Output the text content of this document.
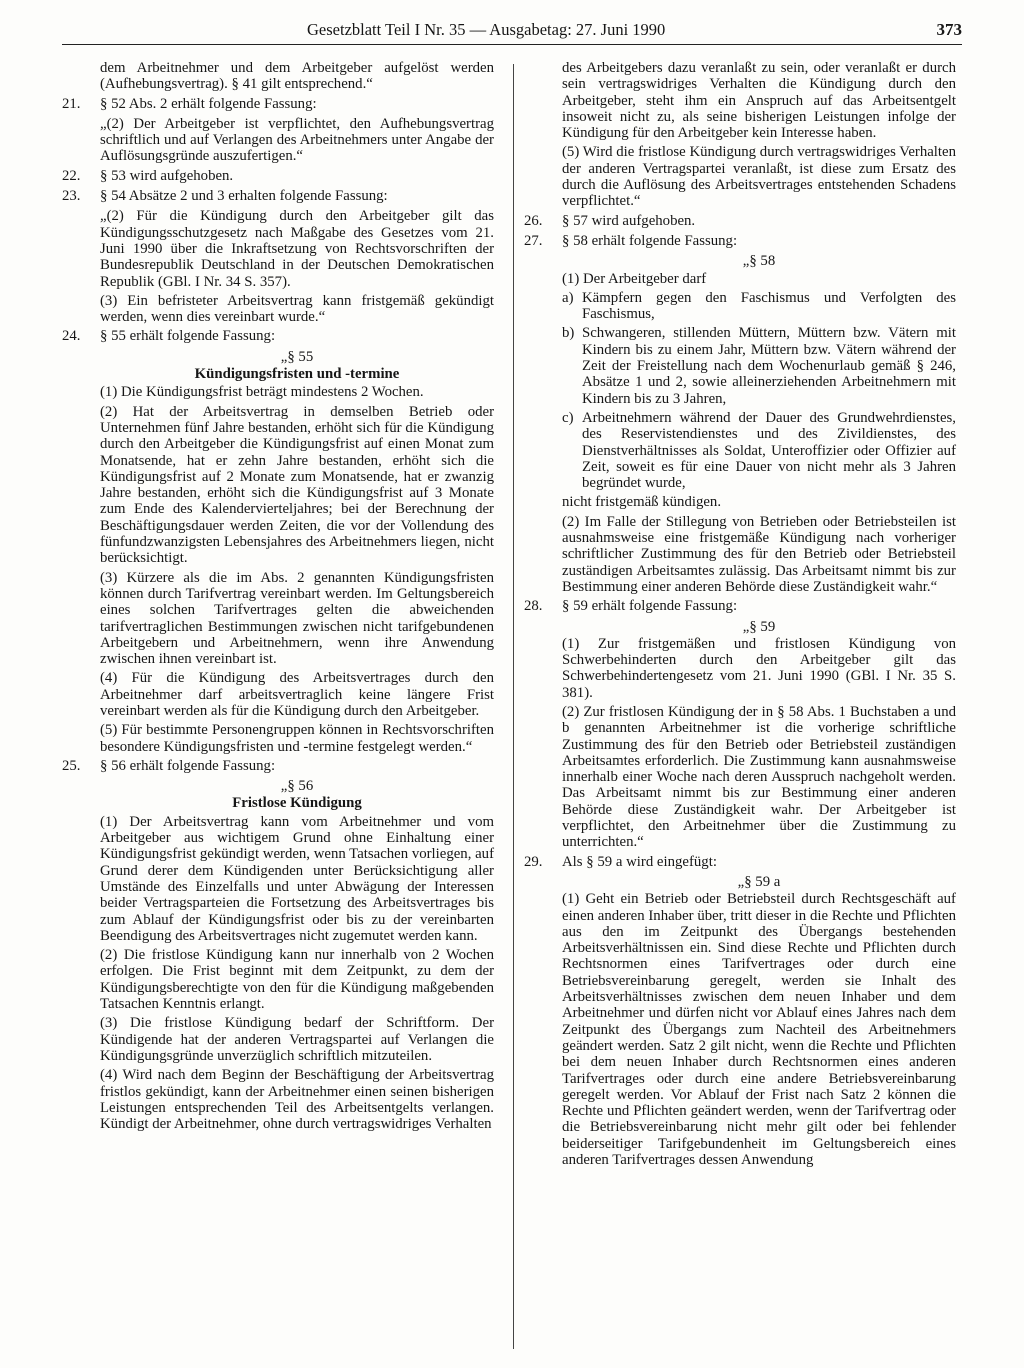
Gesetzblatt Teil I Nr. 35 — Ausgabetag: 27. Juni 1990	373
dem Arbeitnehmer und dem Arbeitgeber aufgelöst werden (Aufhebungsvertrag). § 41 gilt entsprechend.“
21. § 52 Abs. 2 erhält folgende Fassung:
„(2) Der Arbeitgeber ist verpflichtet, den Aufhebungsvertrag schriftlich und auf Verlangen des Arbeitnehmers unter Angabe der Auflösungsgründe auszufertigen.“
22. § 53 wird aufgehoben.
23. § 54 Absätze 2 und 3 erhalten folgende Fassung:
„(2) Für die Kündigung durch den Arbeitgeber gilt das Kündigungsschutzgesetz nach Maßgabe des Gesetzes vom 21. Juni 1990 über die Inkraftsetzung von Rechtsvorschriften der Bundesrepublik Deutschland in der Deutschen Demokratischen Republik (GBl. I Nr. 34 S. 357).
(3) Ein befristeter Arbeitsvertrag kann fristgemäß gekündigt werden, wenn dies vereinbart wurde.“
24. § 55 erhält folgende Fassung:
„§ 55
Kündigungsfristen und -termine
(1) Die Kündigungsfrist beträgt mindestens 2 Wochen.
(2) Hat der Arbeitsvertrag in demselben Betrieb oder Unternehmen fünf Jahre bestanden, erhöht sich für die Kündigung durch den Arbeitgeber die Kündigungsfrist auf einen Monat zum Monatsende, hat er zehn Jahre bestanden, erhöht sich die Kündigungsfrist auf 2 Monate zum Monatsende, hat er zwanzig Jahre bestanden, erhöht sich die Kündigungsfrist auf 3 Monate zum Ende des Kalendervierteljahres; bei der Berechnung der Beschäftigungsdauer werden Zeiten, die vor der Vollendung des fünfundzwanzigsten Lebensjahres des Arbeitnehmers liegen, nicht berücksichtigt.
(3) Kürzere als die im Abs. 2 genannten Kündigungsfristen können durch Tarifvertrag vereinbart werden. Im Geltungsbereich eines solchen Tarifvertrages gelten die abweichenden tarifvertraglichen Bestimmungen zwischen nicht tarifgebundenen Arbeitgebern und Arbeitnehmern, wenn ihre Anwendung zwischen ihnen vereinbart ist.
(4) Für die Kündigung des Arbeitsvertrages durch den Arbeitnehmer darf arbeitsvertraglich keine längere Frist vereinbart werden als für die Kündigung durch den Arbeitgeber.
(5) Für bestimmte Personengruppen können in Rechtsvorschriften besondere Kündigungsfristen und -termine festgelegt werden.“
25. § 56 erhält folgende Fassung:
„§ 56
Fristlose Kündigung
(1) Der Arbeitsvertrag kann vom Arbeitnehmer und vom Arbeitgeber aus wichtigem Grund ohne Einhaltung einer Kündigungsfrist gekündigt werden, wenn Tatsachen vorliegen, auf Grund derer dem Kündigenden unter Berücksichtigung aller Umstände des Einzelfalls und unter Abwägung der Interessen beider Vertragsparteien die Fortsetzung des Arbeitsvertrages bis zum Ablauf der Kündigungsfrist oder bis zu der vereinbarten Beendigung des Arbeitsvertrages nicht zugemutet werden kann.
(2) Die fristlose Kündigung kann nur innerhalb von 2 Wochen erfolgen. Die Frist beginnt mit dem Zeitpunkt, zu dem der Kündigungsberechtigte von den für die Kündigung maßgebenden Tatsachen Kenntnis erlangt.
(3) Die fristlose Kündigung bedarf der Schriftform. Der Kündigende hat der anderen Vertragspartei auf Verlangen die Kündigungsgründe unverzüglich schriftlich mitzuteilen.
(4) Wird nach dem Beginn der Beschäftigung der Arbeitsvertrag fristlos gekündigt, kann der Arbeitnehmer einen seinen bisherigen Leistungen entsprechenden Teil des Arbeitsentgelts verlangen. Kündigt der Arbeitnehmer, ohne durch vertragswidriges Verhalten
des Arbeitgebers dazu veranlaßt zu sein, oder veranlaßt er durch sein vertragswidriges Verhalten die Kündigung durch den Arbeitgeber, steht ihm ein Anspruch auf das Arbeitsentgelt insoweit nicht zu, als seine bisherigen Leistungen infolge der Kündigung für den Arbeitgeber kein Interesse haben.
(5) Wird die fristlose Kündigung durch vertragswidriges Verhalten der anderen Vertragspartei veranlaßt, ist diese zum Ersatz des durch die Auflösung des Arbeitsvertrages entstehenden Schadens verpflichtet.“
26. § 57 wird aufgehoben.
27. § 58 erhält folgende Fassung:
„§ 58
(1) Der Arbeitgeber darf
a) Kämpfern gegen den Faschismus und Verfolgten des Faschismus,
b) Schwangeren, stillenden Müttern, Müttern bzw. Vätern mit Kindern bis zu einem Jahr, Müttern bzw. Vätern während der Zeit der Freistellung nach dem Wochenurlaub gemäß § 246, Absätze 1 und 2, sowie alleinerziehenden Arbeitnehmern mit Kindern bis zu 3 Jahren,
c) Arbeitnehmern während der Dauer des Grundwehrdienstes, des Reservistendienstes und des Zivildienstes, des Dienstverhältnisses als Soldat, Unteroffizier oder Offizier auf Zeit, soweit es für eine Dauer von nicht mehr als 3 Jahren begründet wurde,
nicht fristgemäß kündigen.
(2) Im Falle der Stillegung von Betrieben oder Betriebsteilen ist ausnahmsweise eine fristgemäße Kündigung nach vorheriger schriftlicher Zustimmung des für den Betrieb oder Betriebsteil zuständigen Arbeitsamtes zulässig. Das Arbeitsamt nimmt bis zur Bestimmung einer anderen Behörde diese Zuständigkeit wahr.“
28. § 59 erhält folgende Fassung:
„§ 59
(1) Zur fristgemäßen und fristlosen Kündigung von Schwerbehinderten durch den Arbeitgeber gilt das Schwerbehindertengesetz vom 21. Juni 1990 (GBl. I Nr. 35 S. 381).
(2) Zur fristlosen Kündigung der in § 58 Abs. 1 Buchstaben a und b genannten Arbeitnehmer ist die vorherige schriftliche Zustimmung des für den Betrieb oder Betriebsteil zuständigen Arbeitsamtes erforderlich. Die Zustimmung kann ausnahmsweise innerhalb einer Woche nach deren Ausspruch nachgeholt werden. Das Arbeitsamt nimmt bis zur Bestimmung einer anderen Behörde diese Zuständigkeit wahr. Der Arbeitgeber ist verpflichtet, den Arbeitnehmer über die Zustimmung zu unterrichten.“
29. Als § 59 a wird eingefügt:
„§ 59 a
(1) Geht ein Betrieb oder Betriebsteil durch Rechtsgeschäft auf einen anderen Inhaber über, tritt dieser in die Rechte und Pflichten aus den im Zeitpunkt des Übergangs bestehenden Arbeitsverhältnissen ein. Sind diese Rechte und Pflichten durch Rechtsnormen eines Tarifvertrages oder durch eine Betriebsvereinbarung geregelt, werden sie Inhalt des Arbeitsverhältnisses zwischen dem neuen Inhaber und dem Arbeitnehmer und dürfen nicht vor Ablauf eines Jahres nach dem Zeitpunkt des Übergangs zum Nachteil des Arbeitnehmers geändert werden. Satz 2 gilt nicht, wenn die Rechte und Pflichten bei dem neuen Inhaber durch Rechtsnormen eines anderen Tarifvertrages oder durch eine andere Betriebsvereinbarung geregelt werden. Vor Ablauf der Frist nach Satz 2 können die Rechte und Pflichten geändert werden, wenn der Tarifvertrag oder die Betriebsvereinbarung nicht mehr gilt oder bei fehlender beiderseitiger Tarifgebundenheit im Geltungsbereich eines anderen Tarifvertrages dessen Anwendung
